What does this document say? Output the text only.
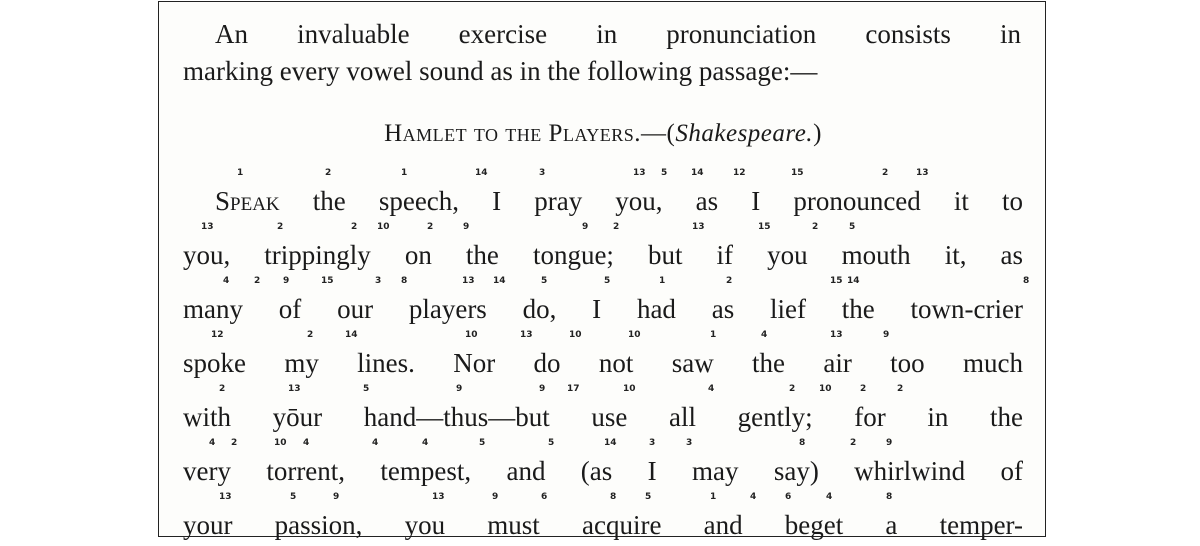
An invaluable exercise in pronunciation consists in
marking every vowel sound as in the following passage:—
Hamlet to the Players.—(Shakespeare.)
1	2	1	14	3	13 5	14	12	15	2	13
Speak the speech, I pray you, as I pronounced it to
13	2	2 10	2	9	9	2	13	15	2	5
you, trippingly on the tongue; but if you mouth it, as
4	2	9	15	3 8	13 14	5	5	1	2	15 14	8
many of our players do, I had as lief the town-crier
12	2	14	10	13	10	10	1	4	13	9
spoke my lines. Nor do not saw the air too much
2	13	5	9	9 17	10	4	2	10	2	2
with yōur hand—thus—but use all gently; for in the
4 2	10 4	4	4	5	5	14	3	3	8	2	9
very torrent, tempest, and (as I may say) whirlwind of
13	5	9	13	9	6	8	5	1	4	6	4	8
your passion, you must acquire and beget a temper-
